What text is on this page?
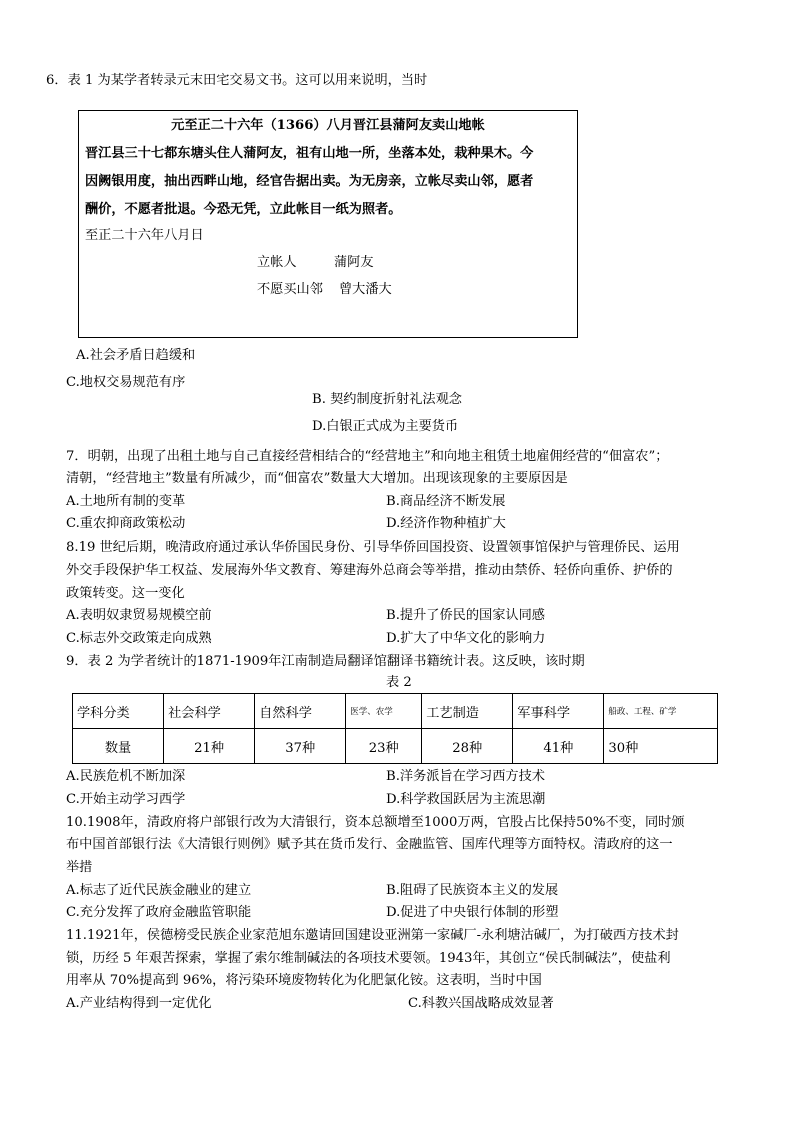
6．表 1 为某学者转录元末田宅交易文书。这可以用来说明，当时
元至正二十六年（1366）八月晋江县蒲阿友卖山地帐
晋江县三十七都东塘头住人蒲阿友，祖有山地一所，坐落本处，栽种果木。今
因阙银用度，抽出西畔山地，经官告据出卖。为无房亲，立帐尽卖山邻，愿者
酬价，不愿者批退。今恐无凭，立此帐目一纸为照者。
至正二十六年八月日
立帐人	蒲阿友
不愿买山邻 曾大潘大
A.社会矛盾日趋缓和
C.地权交易规范有序
B. 契约制度折射礼法观念
D.白银正式成为主要货币
7．明朝，出现了出租土地与自己直接经营相结合的“经营地主”和向地主租赁土地雇佣经营的“佃富农”；
清朝，“经营地主”数量有所减少，而“佃富农”数量大大增加。出现该现象的主要原因是
A.土地所有制的变革	B.商品经济不断发展
C.重农抑商政策松动	D.经济作物种植扩大
8.19 世纪后期，晚清政府通过承认华侨国民身份、引导华侨回国投资、设置领事馆保护与管理侨民、运用
外交手段保护华工权益、发展海外华文教育、筹建海外总商会等举措，推动由禁侨、轻侨向重侨、护侨的
政策转变。这一变化
A.表明奴隶贸易规模空前	B.提升了侨民的国家认同感
C.标志外交政策走向成熟	D.扩大了中华文化的影响力
9．表 2 为学者统计的1871-1909年江南制造局翻译馆翻译书籍统计表。这反映，该时期
表 2
学科分类	社会科学	自然科学	医学、农学	工艺制造	军事科学	船政、工程、矿学
数量	21种	37种	23种	28种	41种	30种
A.民族危机不断加深	B.洋务派旨在学习西方技术
C.开始主动学习西学	D.科学救国跃居为主流思潮
10.1908年，清政府将户部银行改为大清银行，资本总额增至1000万两，官股占比保持50%不变，同时颁
布中国首部银行法《大清银行则例》赋予其在货币发行、金融监管、国库代理等方面特权。清政府的这一
举措
A.标志了近代民族金融业的建立	B.阻碍了民族资本主义的发展
C.充分发挥了政府金融监管职能	D.促进了中央银行体制的形塑
11.1921年，侯德榜受民族企业家范旭东邀请回国建设亚洲第一家碱厂-永利塘沽碱厂，为打破西方技术封
锁，历经 5 年艰苦探索，掌握了索尔维制碱法的各项技术要领。1943年，其创立“侯氏制碱法”，使盐利
用率从 70%提高到 96%，将污染环境废物转化为化肥氯化铵。这表明，当时中国
A.产业结构得到一定优化	C.科教兴国战略成效显著
